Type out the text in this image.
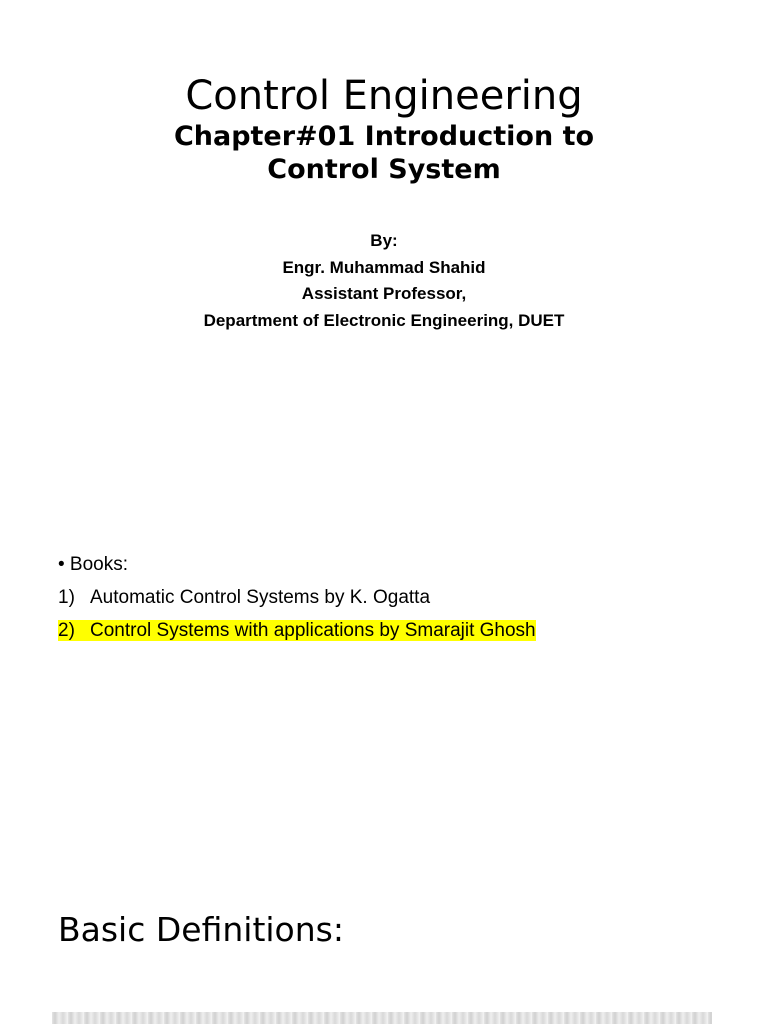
Control Engineering
Chapter#01 Introduction to
Control System
By:
Engr. Muhammad Shahid
Assistant Professor,
Department of Electronic Engineering, DUET
• Books:
1) Automatic Control Systems by K. Ogatta
2) Control Systems with applications by Smarajit Ghosh
Basic Definitions:
